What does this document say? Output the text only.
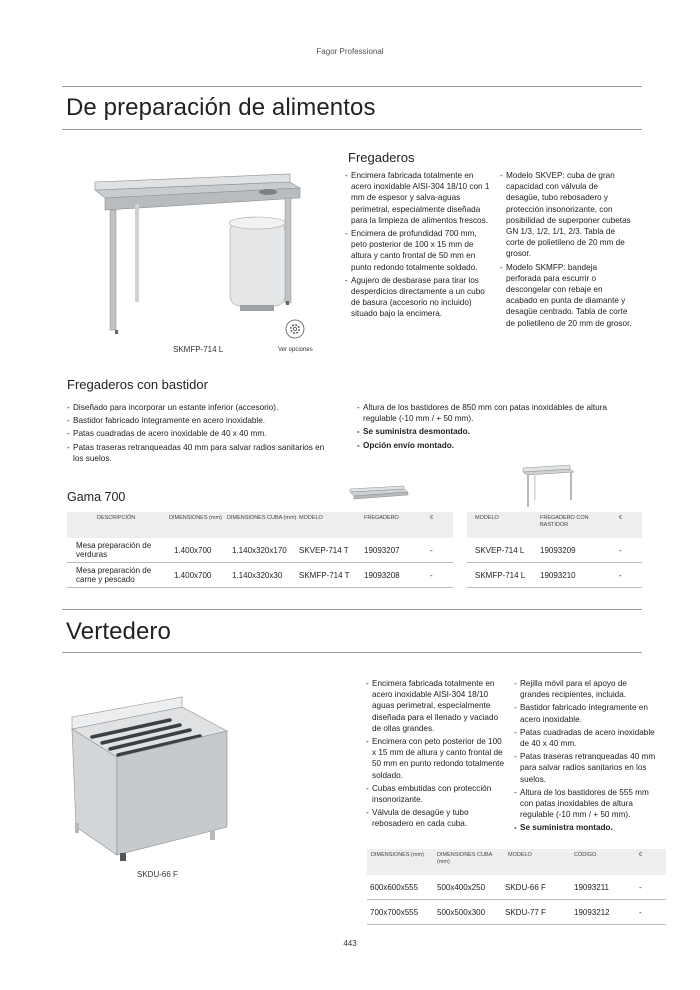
Fagor Professional
De preparación de alimentos
SKMFP-714 L	Ver opciones
Fregaderos
- Encimera fabricada totalmente en acero inoxidable AISI-304 18/10 con 1 mm de espesor y salva-aguas perimetral, especialmente diseñada para la limpieza de alimentos frescos.
- Encimera de profundidad 700 mm, peto posterior de 100 x 15 mm de altura y canto frontal de 50 mm en punto redondo totalmente soldado.
- Agujero de desbarase para tirar los desperdicios directamente a un cubo de basura (accesorio no incluido) situado bajo la encimera.
- Modelo SKVEP: cuba de gran capacidad con válvula de desagüe, tubo rebosadero y protección insonorizante, con posibilidad de superponer cubetas GN 1/3, 1/2, 1/1, 2/3. Tabla de corte de polietileno de 20 mm de grosor.
- Modelo SKMFP: bandeja perforada para escurrir o descongelar con rebaje en acabado en punta de diamante y desagüe centrado. Tabla de corte de polietileno de 20 mm de grosor.
Fregaderos con bastidor
- Diseñado para incorporar un estante inferior (accesorio).
- Bastidor fabricado íntegramente en acero inoxidable.
- Patas cuadradas de acero inoxidable de 40 x 40 mm.
- Patas traseras retranqueadas 40 mm para salvar radios sanitarios en los suelos.
- Altura de los bastidores de 850 mm con patas inoxidables de altura regulable (-10 mm / + 50 mm).
- Se suministra desmontado.
- Opción envío montado.
Gama 700
	DESCRIPCIÓN	DIMENSIONES (mm)	DIMENSIONES CUBA (mm)	MODELO	FREGADERO	€		MODELO	FREGADERO CON BASTIDOR	€
	Mesa preparación de verduras	1.400x700	1.140x320x170	SKVEP-714 T	19093207	-		SKVEP-714 L	19093209	-
	Mesa preparación de carne y pescado	1.400x700	1.140x320x30	SKMFP-714 T	19093208	-		SKMFP-714 L	19093210	-
Vertedero
SKDU-66 F
- Encimera fabricada totalmente en acero inoxidable AISI-304 18/10 aguas perimetral, especialmente diseñada para el llenado y vaciado de ollas grandes.
- Encimera con peto posterior de 100 x 15 mm de altura y canto frontal de 50 mm en punto redondo totalmente soldado.
- Cubas embutidas con protección insonorizante.
- Válvula de desagüe y tubo rebosadero en cada cuba.
- Rejilla móvil para el apoyo de grandes recipientes, incluida.
- Bastidor fabricado íntegramente en acero inoxidable.
- Patas cuadradas de acero inoxidable de 40 x 40 mm.
- Patas traseras retranqueadas 40 mm para salvar radios sanitarios en los suelos.
- Altura de los bastidores de 555 mm con patas inoxidables de altura regulable (-10 mm / + 50 mm).
- Se suministra montado.
DIMENSIONES (mm)	DIMENSIONES CUBA (mm)	MODELO	CÓDIGO	€
600x600x555	500x400x250	SKDU-66 F	19093211	-
700x700x555	500x500x300	SKDU-77 F	19093212	-
443
